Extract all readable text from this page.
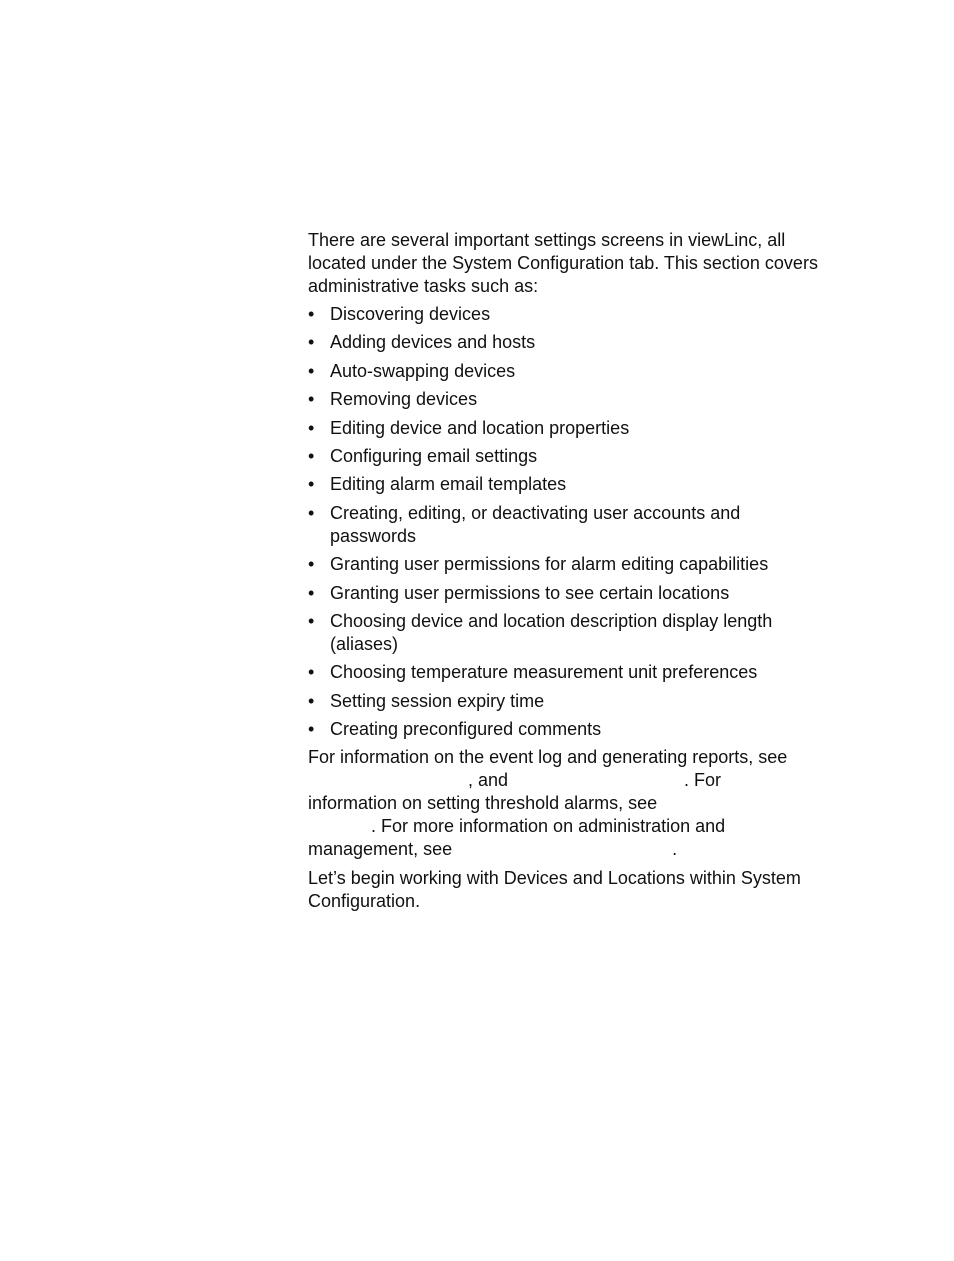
There are several important settings screens in viewLinc, all located under the System Configuration tab. This section covers administrative tasks such as:

• Discovering devices
• Adding devices and hosts
• Auto-swapping devices
• Removing devices
• Editing device and location properties
• Configuring email settings
• Editing alarm email templates
• Creating, editing, or deactivating user accounts and passwords
• Granting user permissions for alarm editing capabilities
• Granting user permissions to see certain locations
• Choosing device and location description display length (aliases)
• Choosing temperature measurement unit preferences
• Setting session expiry time
• Creating preconfigured comments

For information on the event log and generating reports, see
, and	. For
information on setting threshold alarms, see
. For more information on administration and
management, see	.

Let’s begin working with Devices and Locations within System Configuration.
